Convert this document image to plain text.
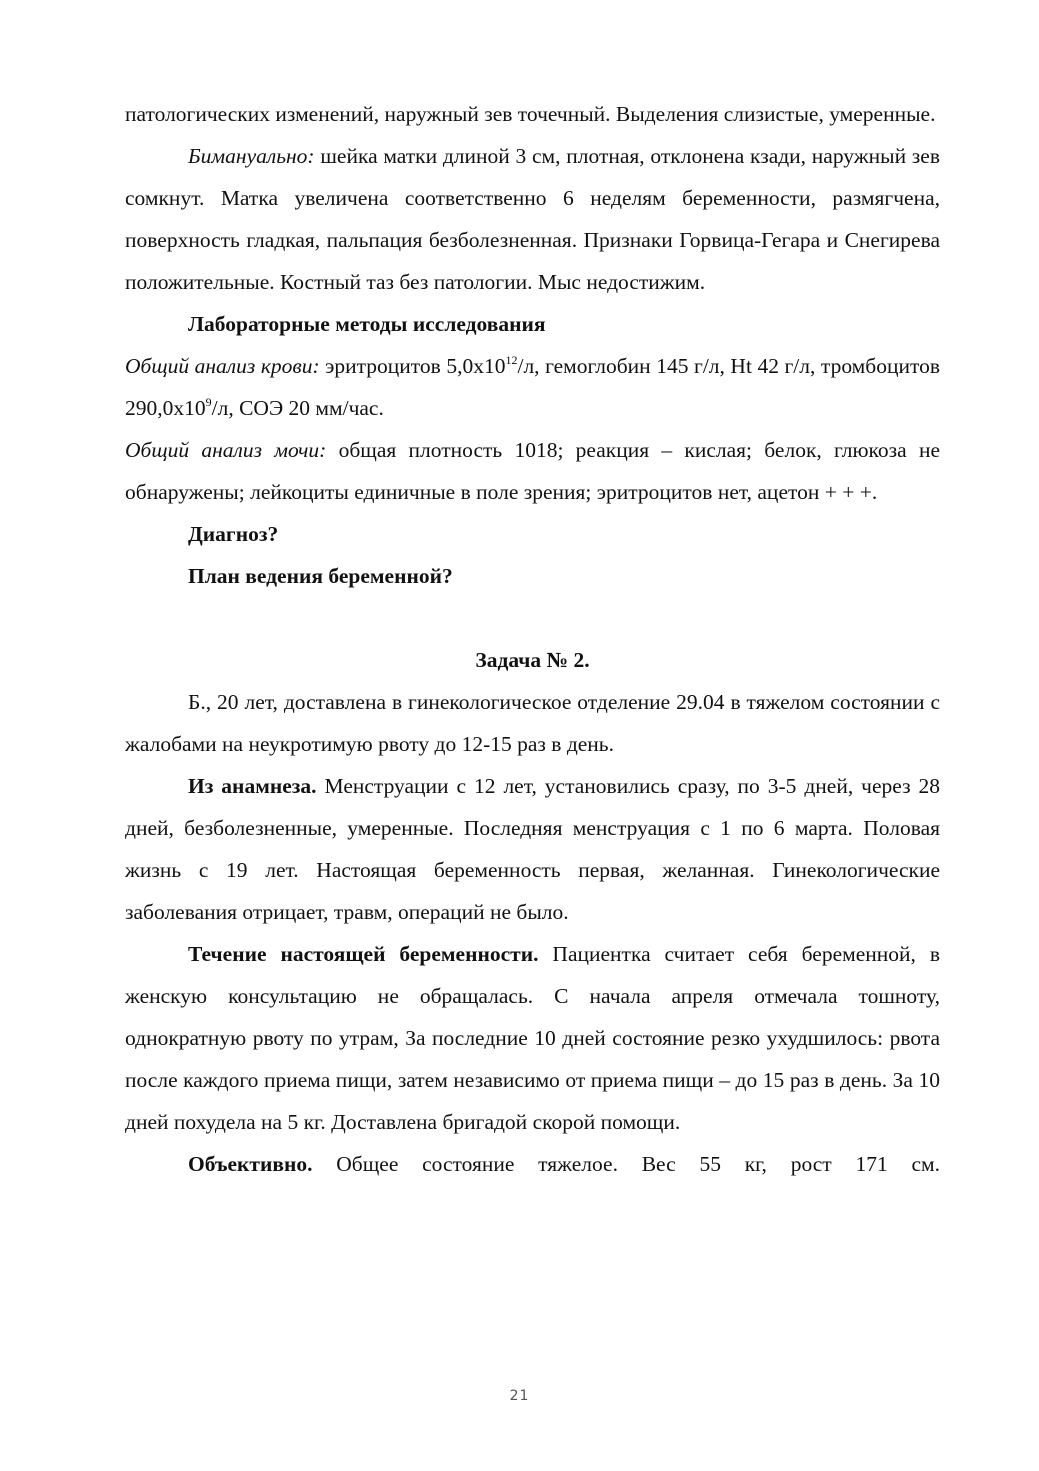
патологических изменений, наружный зев точечный. Выделения слизистые, умеренные.

Бимануально: шейка матки длиной 3 см, плотная, отклонена кзади, наружный зев сомкнут. Матка увеличена соответственно 6 неделям беременности, размягчена, поверхность гладкая, пальпация безболезненная. Признаки Горвица-Гегара и Снегирева положительные. Костный таз без патологии. Мыс недостижим.

Лабораторные методы исследования

Общий анализ крови: эритроцитов $5,0х10^{12}/л$, гемоглобин 145 г/л, Ht 42 г/л, тромбоцитов $290,0х10^9/л$, СОЭ 20 мм/час.

Общий анализ мочи: общая плотность 1018; реакция – кислая; белок, глюкоза не обнаружены; лейкоциты единичные в поле зрения; эритроцитов нет, ацетон + + +.

Диагноз?

План ведения беременной?

Задача № 2.

Б., 20 лет, доставлена в гинекологическое отделение 29.04 в тяжелом состоянии с жалобами на неукротимую рвоту до 12-15 раз в день.

Из анамнеза. Менструации с 12 лет, установились сразу, по 3-5 дней, через 28 дней, безболезненные, умеренные. Последняя менструация с 1 по 6 марта. Половая жизнь с 19 лет. Настоящая беременность первая, желанная. Гинекологические заболевания отрицает, травм, операций не было.

Течение настоящей беременности. Пациентка считает себя беременной, в женскую консультацию не обращалась. С начала апреля отмечала тошноту, однократную рвоту по утрам, За последние 10 дней состояние резко ухудшилось: рвота после каждого приема пищи, затем независимо от приема пищи – до 15 раз в день. За 10 дней похудела на 5 кг. Доставлена бригадой скорой помощи.

Объективно. Общее состояние тяжелое. Вес 55 кг, рост 171 см.

21
